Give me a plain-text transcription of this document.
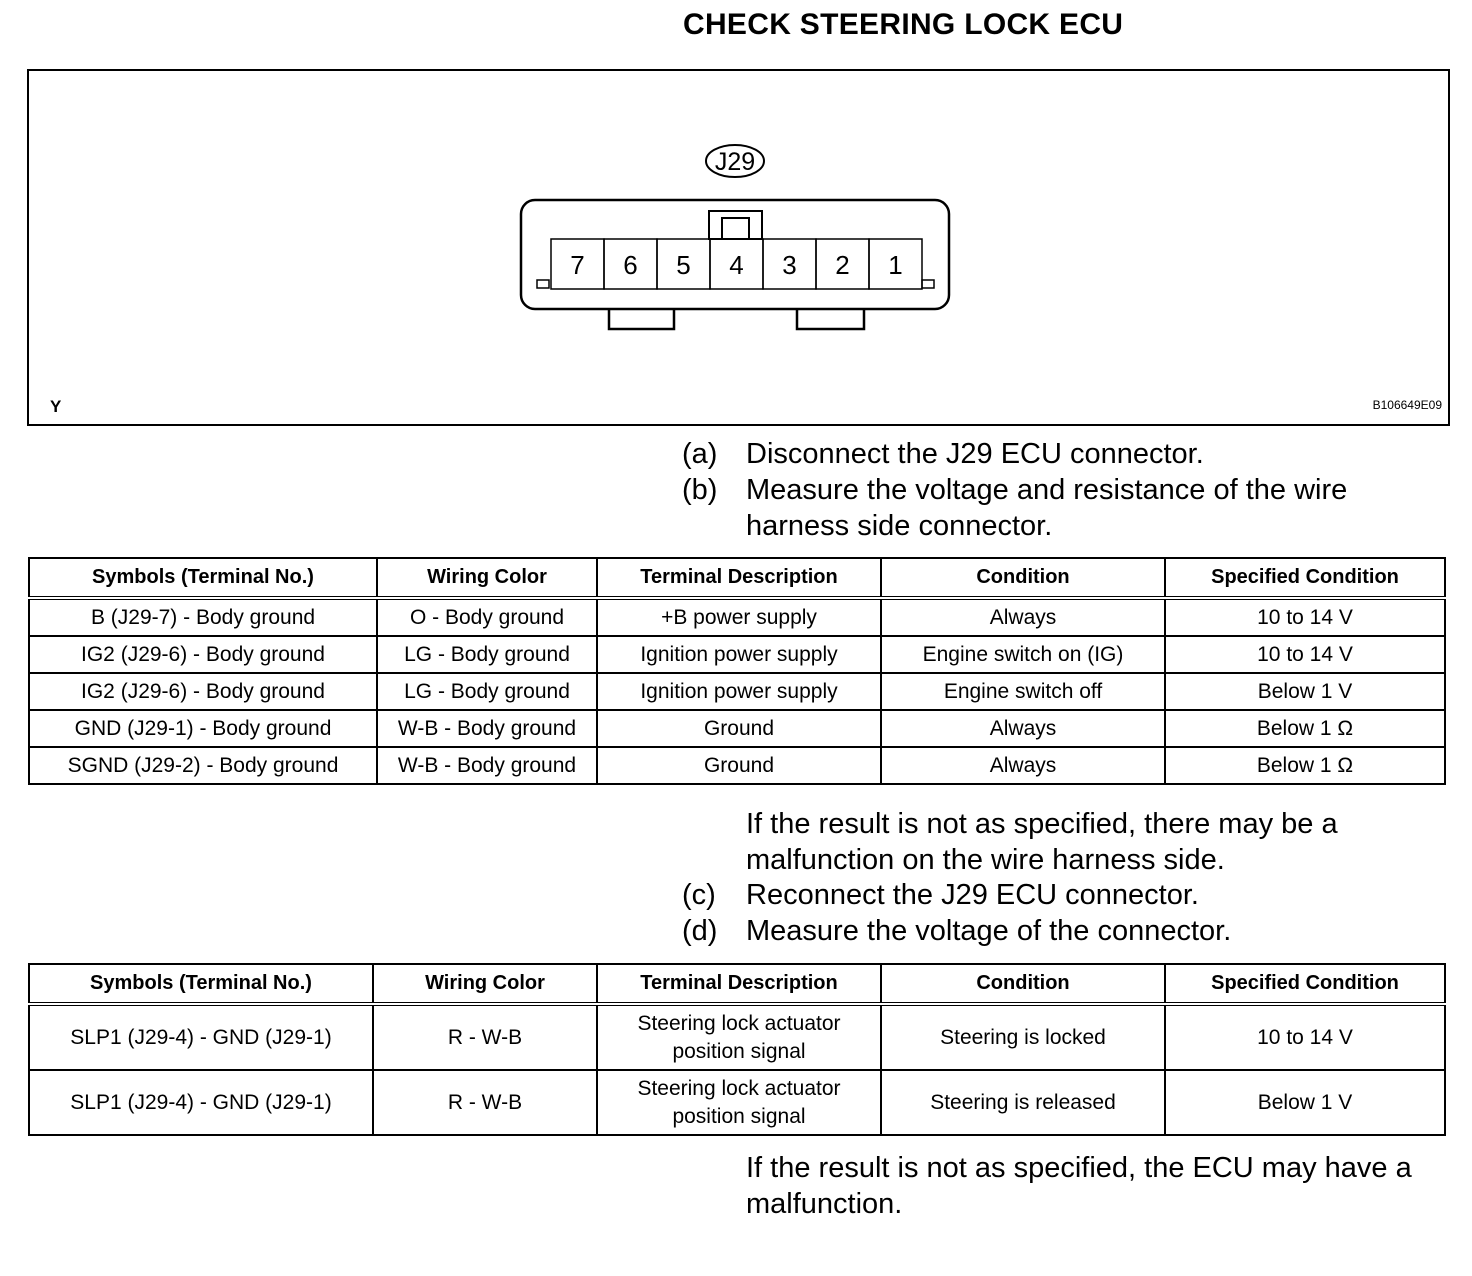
CHECK STEERING LOCK ECU
J29
7 6 5 4 3 2 1
Y	B106649E09
(a) Disconnect the J29 ECU connector.
(b) Measure the voltage and resistance of the wire
harness side connector.
Symbols (Terminal No.)	Wiring Color	Terminal Description	Condition	Specified Condition
B (J29-7) - Body ground	O - Body ground	+B power supply	Always	10 to 14 V
IG2 (J29-6) - Body ground	LG - Body ground	Ignition power supply	Engine switch on (IG)	10 to 14 V
IG2 (J29-6) - Body ground	LG - Body ground	Ignition power supply	Engine switch off	Below 1 V
GND (J29-1) - Body ground	W-B - Body ground	Ground	Always	Below 1 Ω
SGND (J29-2) - Body ground	W-B - Body ground	Ground	Always	Below 1 Ω
If the result is not as specified, there may be a
malfunction on the wire harness side.
(c) Reconnect the J29 ECU connector.
(d) Measure the voltage of the connector.
Symbols (Terminal No.)	Wiring Color	Terminal Description	Condition	Specified Condition
SLP1 (J29-4) - GND (J29-1)	R - W-B	Steering lock actuator
position signal	Steering is locked	10 to 14 V
SLP1 (J29-4) - GND (J29-1)	R - W-B	Steering lock actuator
position signal	Steering is released	Below 1 V
If the result is not as specified, the ECU may have a
malfunction.
